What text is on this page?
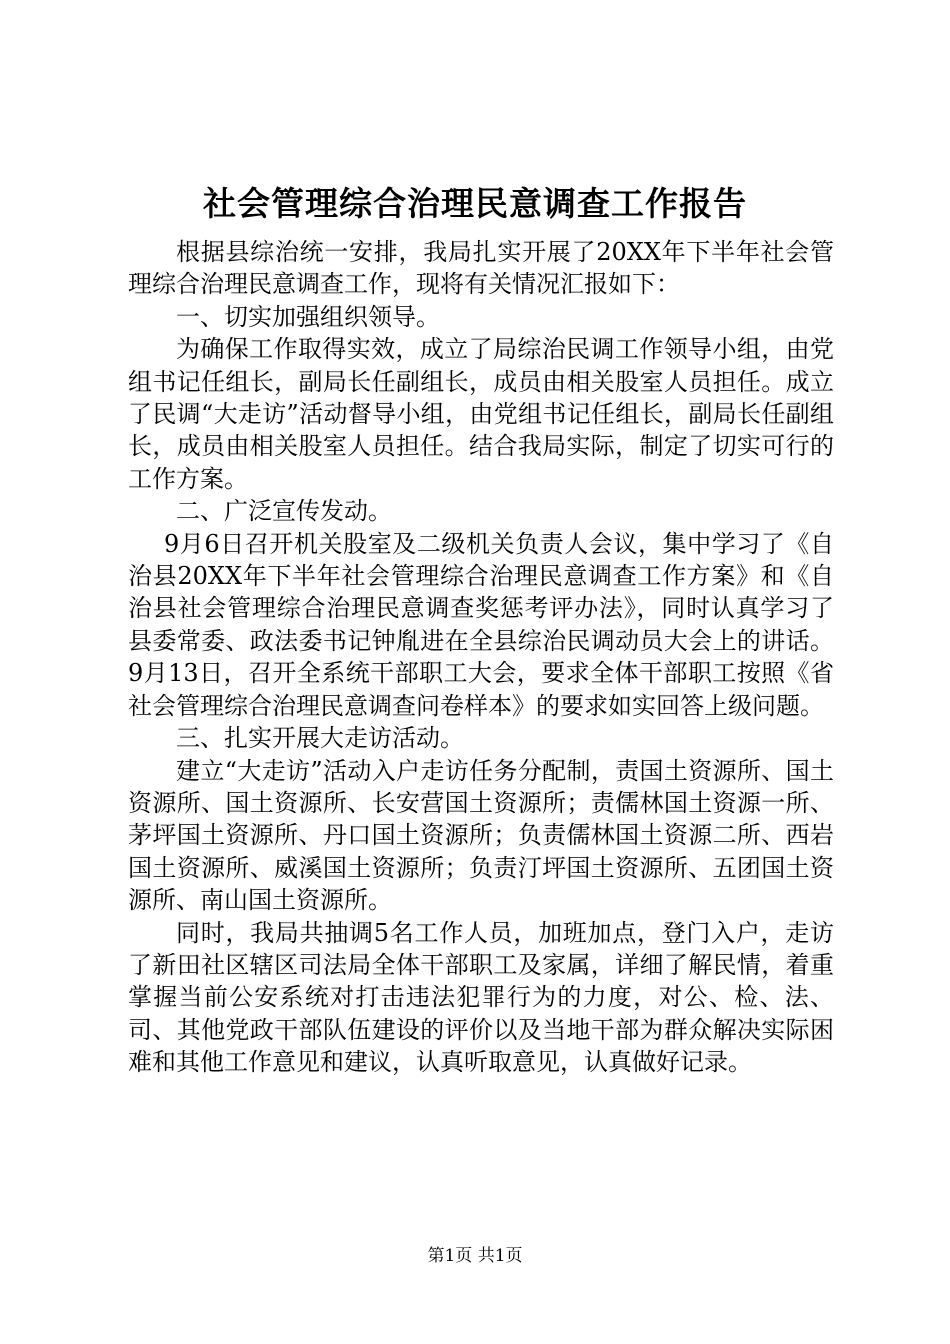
社会管理综合治理民意调查工作报告

根据县综治统一安排，我局扎实开展了20XX年下半年社会管理综合治理民意调查工作，现将有关情况汇报如下：

一、切实加强组织领导。

为确保工作取得实效，成立了局综治民调工作领导小组，由党组书记任组长，副局长任副组长，成员由相关股室人员担任。成立了民调“大走访”活动督导小组，由党组书记任组长，副局长任副组长，成员由相关股室人员担任。结合我局实际，制定了切实可行的工作方案。

二、广泛宣传发动。

9月6日召开机关股室及二级机关负责人会议，集中学习了《自治县20XX年下半年社会管理综合治理民意调查工作方案》和《自治县社会管理综合治理民意调查奖惩考评办法》，同时认真学习了县委常委、政法委书记钟胤进在全县综治民调动员大会上的讲话。9月13日，召开全系统干部职工大会，要求全体干部职工按照《省社会管理综合治理民意调查问卷样本》的要求如实回答上级问题。

三、扎实开展大走访活动。

建立“大走访”活动入户走访任务分配制，责国土资源所、国土资源所、国土资源所、长安营国土资源所；责儒林国土资源一所、茅坪国土资源所、丹口国土资源所；负责儒林国土资源二所、西岩国土资源所、威溪国土资源所；负责汀坪国土资源所、五团国土资源所、南山国土资源所。

同时，我局共抽调5名工作人员，加班加点，登门入户，走访了新田社区辖区司法局全体干部职工及家属，详细了解民情，着重掌握当前公安系统对打击违法犯罪行为的力度，对公、检、法、司、其他党政干部队伍建设的评价以及当地干部为群众解决实际困难和其他工作意见和建议，认真听取意见，认真做好记录。

第1页 共1页
